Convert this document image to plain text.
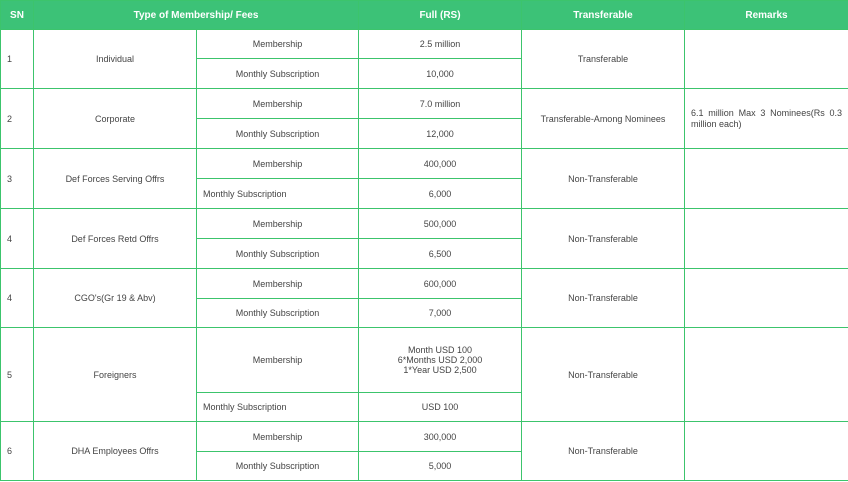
SN	Type of Membership/ Fees		Full (RS)	Transferable	Remarks
1	Individual	Membership	2.5 million	Transferable	
		Monthly Subscription	10,000		
2	Corporate	Membership	7.0 million	Transferable-Among Nominees	6.1 million Max 3 Nominees(Rs 0.3 million each)
		Monthly Subscription	12,000		
3	Def Forces Serving Offrs	Membership	400,000	Non-Transferable	
		Monthly Subscription	6,000		
4	Def Forces Retd Offrs	Membership	500,000	Non-Transferable	
		Monthly Subscription	6,500		
4	CGO's(Gr 19 & Abv)	Membership	600,000	Non-Transferable	
		Monthly Subscription	7,000		
5	Foreigners	Membership	Month USD 100
6*Months USD 2,000
1*Year USD 2,500	Non-Transferable	
		Monthly Subscription	USD 100		
6	DHA Employees Offrs	Membership	300,000	Non-Transferable	
		Monthly Subscription	5,000		
